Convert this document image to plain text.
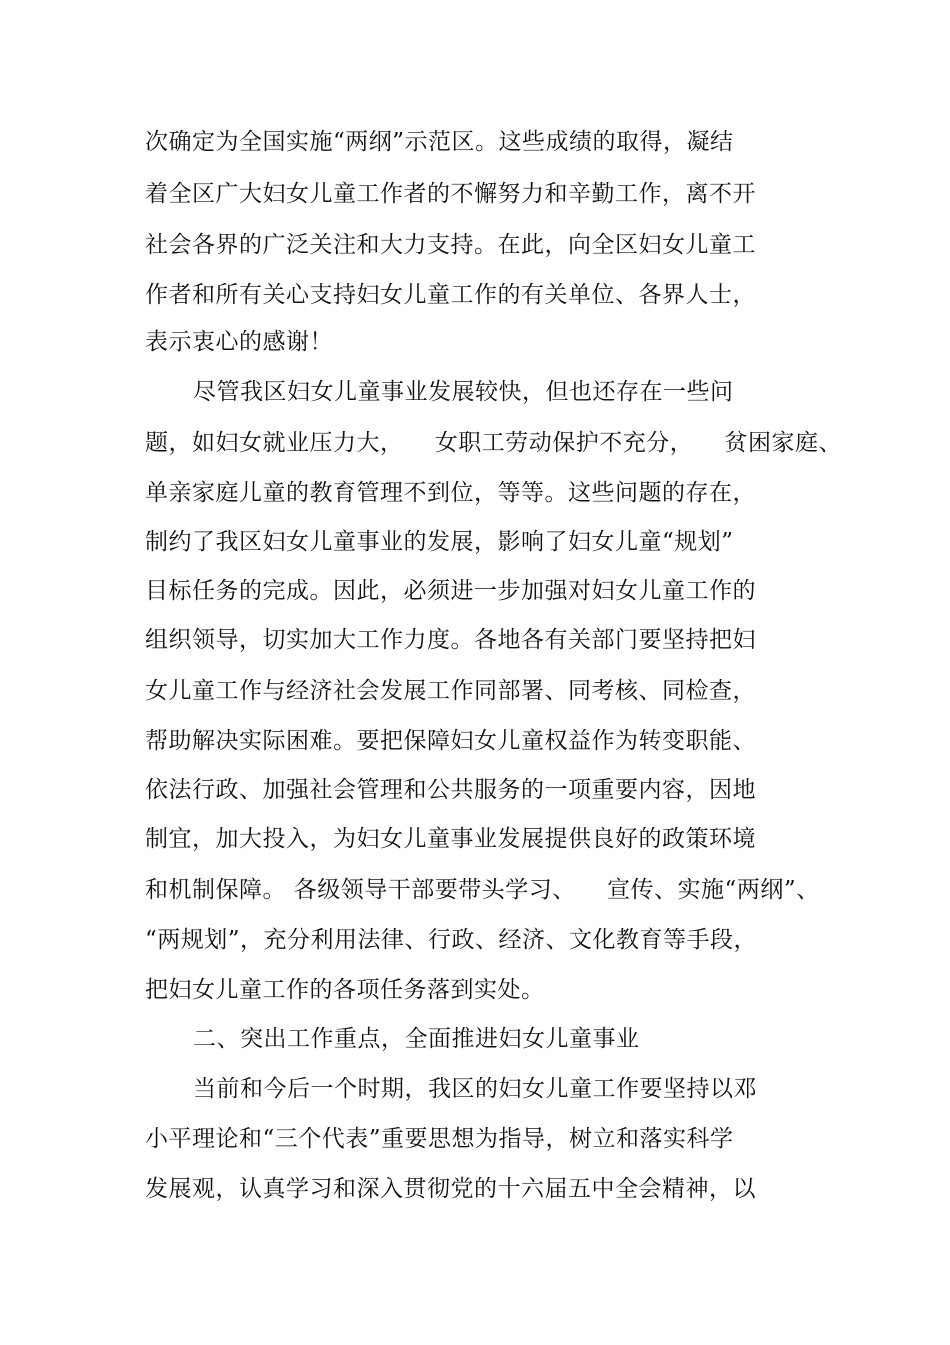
次确定为全国实施“两纲”示范区。这些成绩的取得，凝结
着全区广大妇女儿童工作者的不懈努力和辛勤工作，离不开
社会各界的广泛关注和大力支持。在此，向全区妇女儿童工
作者和所有关心支持妇女儿童工作的有关单位、各界人士，
表示衷心的感谢！
尽管我区妇女儿童事业发展较快，但也还存在一些问
题，如妇女就业压力大，    女职工劳动保护不充分，    贫困家庭、
单亲家庭儿童的教育管理不到位，等等。这些问题的存在，
制约了我区妇女儿童事业的发展，影响了妇女儿童“规划”
目标任务的完成。因此，必须进一步加强对妇女儿童工作的
组织领导，切实加大工作力度。各地各有关部门要坚持把妇
女儿童工作与经济社会发展工作同部署、同考核、同检查，
帮助解决实际困难。要把保障妇女儿童权益作为转变职能、
依法行政、加强社会管理和公共服务的一项重要内容，因地
制宜，加大投入，为妇女儿童事业发展提供良好的政策环境
和机制保障。 各级领导干部要带头学习、    宣传、实施“两纲”、
“两规划”，充分利用法律、行政、经济、文化教育等手段，
把妇女儿童工作的各项任务落到实处。
二、突出工作重点，全面推进妇女儿童事业
当前和今后一个时期，我区的妇女儿童工作要坚持以邓
小平理论和“三个代表”重要思想为指导，树立和落实科学
发展观，认真学习和深入贯彻党的十六届五中全会精神，以
